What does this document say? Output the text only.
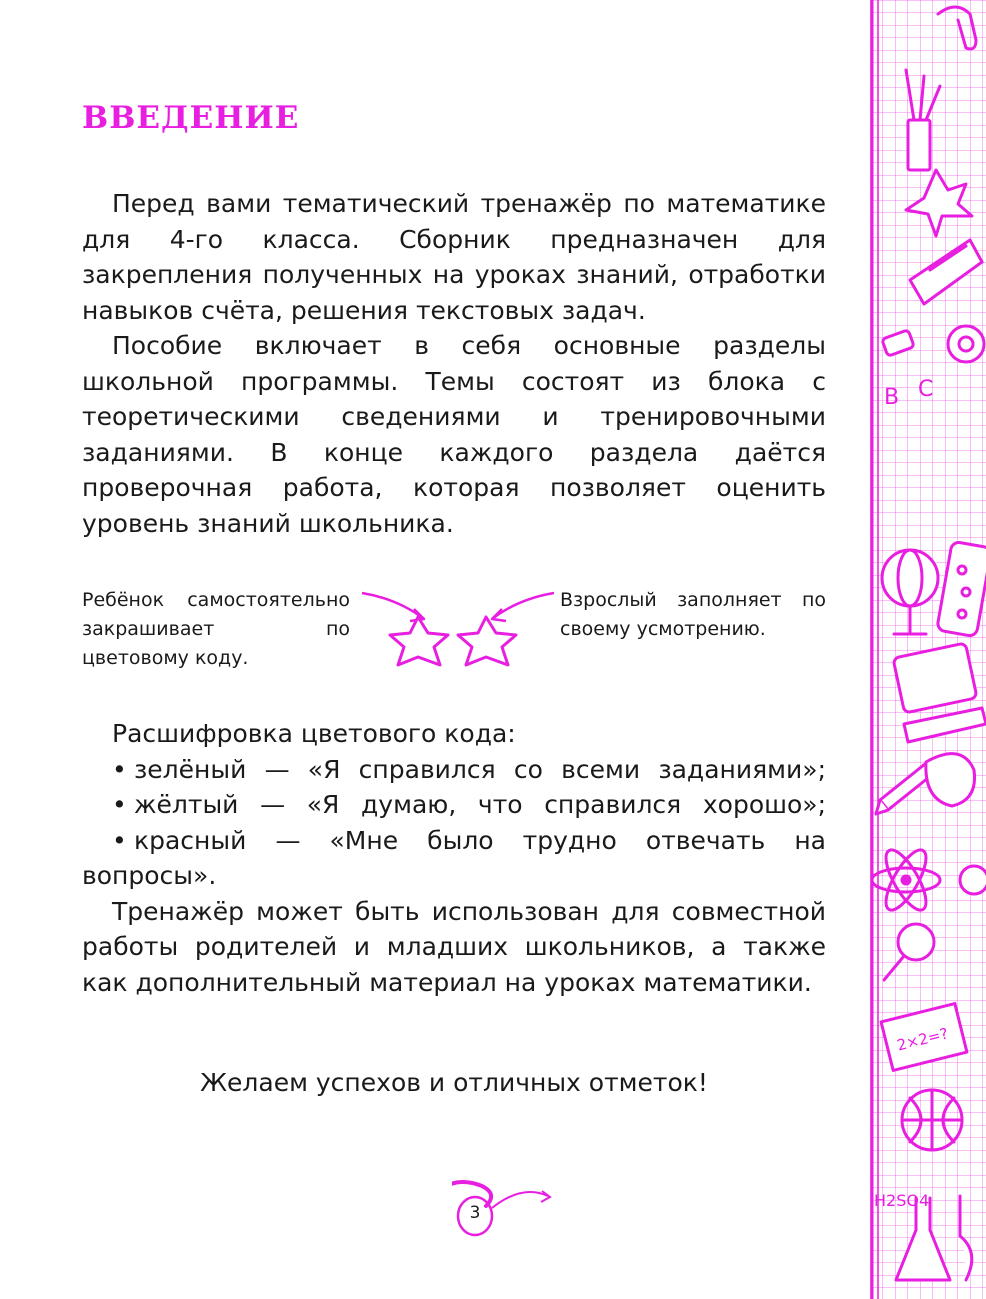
ВВЕДЕНИЕ

Перед вами тематический тренажёр по математике для 4-го класса. Сборник предназначен для закрепления полученных на уроках знаний, отработки навыков счёта, решения текстовых задач.

Пособие включает в себя основные разделы школьной программы. Темы состоят из блока с теоретическими сведениями и тренировочными заданиями. В конце каждого раздела даётся проверочная работа, которая позволяет оценить уровень знаний школьника.

Ребёнок самостоятельно закрашивает по цветовому коду.
Взрослый заполняет по своему усмотрению.

Расшифровка цветового кода:

• зелёный — «Я справился со всеми заданиями»;
• жёлтый — «Я думаю, что справился хорошо»;
• красный — «Мне было трудно отвечать на

вопросы».

Тренажёр может быть использован для совместной работы родителей и младших школьников, а также как дополнительный материал на уроках математики.

Желаем успехов и отличных отметок!
3
B C
2×2=?
H2SO4
